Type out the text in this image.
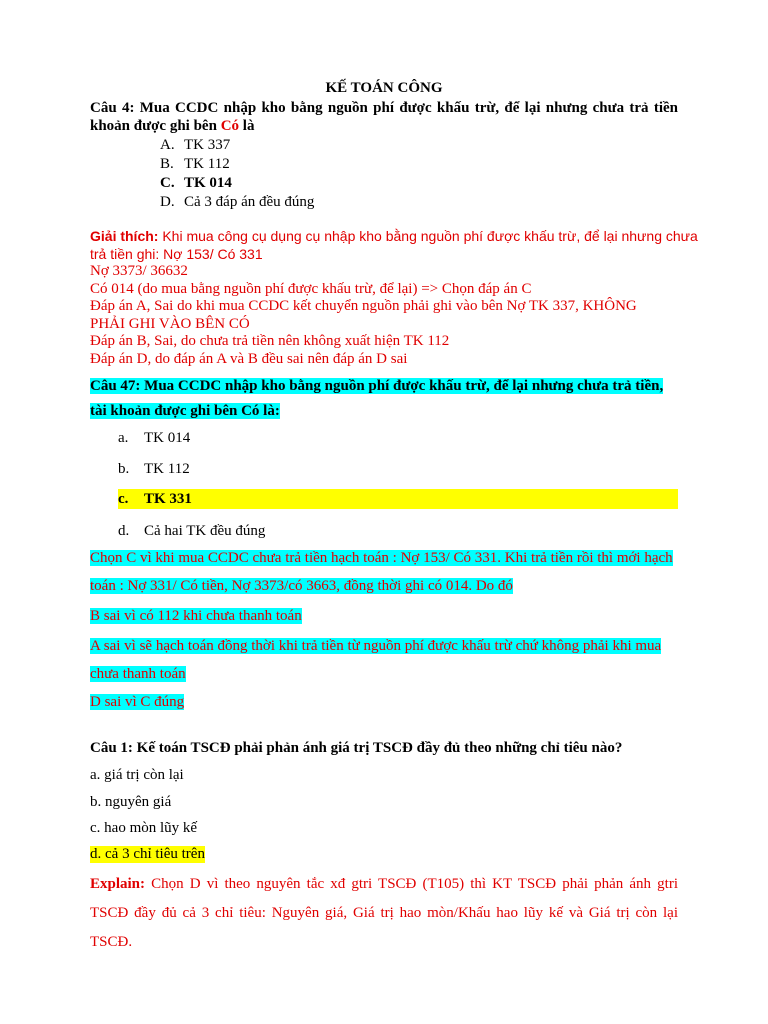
KẾ TOÁN CÔNG
Câu 4: Mua CCDC nhập kho bằng nguồn phí được khấu trừ, để lại nhưng chưa trả tiền khoản được ghi bên Có là
A. TK 337
B. TK 112
C. TK 014
D. Cả 3 đáp án đều đúng
Giải thích: Khi mua công cụ dụng cụ nhập kho bằng nguồn phí được khấu trừ, để lại nhưng chưa
trả tiền ghi: Nợ 153/ Có 331
Nợ 3373/ 36632
Có 014 (do mua bằng nguồn phí được khấu trừ, để lại) => Chọn đáp án C
Đáp án A, Sai do khi mua CCDC kết chuyển nguồn phải ghi vào bên Nợ TK 337, KHÔNG
PHẢI GHI VÀO BÊN CÓ
Đáp án B, Sai, do chưa trả tiền nên không xuất hiện TK 112
Đáp án D, do đáp án A và B đều sai nên đáp án D sai
Câu 47: Mua CCDC nhập kho bằng nguồn phí được khấu trừ, để lại nhưng chưa trả tiền,
tài khoản được ghi bên Có là:
a. TK 014
b. TK 112
c. TK 331
d. Cả hai TK đều đúng
Chọn C vì khi mua CCDC chưa trả tiền hạch toán : Nợ 153/ Có 331. Khi trả tiền rồi thì mới hạch
toán : Nợ 331/ Có tiền, Nợ 3373/có 3663, đồng thời ghi có 014. Do đó
B sai vì có 112 khi chưa thanh toán
A sai vì sẽ hạch toán đồng thời khi trả tiền từ nguồn phí được khấu trừ chứ không phải khi mua
chưa thanh toán
D sai vì C đúng
Câu 1: Kế toán TSCĐ phải phản ánh giá trị TSCĐ đầy đủ theo những chỉ tiêu nào?
a. giá trị còn lại
b. nguyên giá
c. hao mòn lũy kế
d. cả 3 chỉ tiêu trên
Explain: Chọn D vì theo nguyên tắc xđ gtri TSCĐ (T105) thì KT TSCĐ phải phản ánh gtri TSCĐ đầy đủ cả 3 chỉ tiêu: Nguyên giá, Giá trị hao mòn/Khấu hao lũy kế và Giá trị còn lại TSCĐ.
